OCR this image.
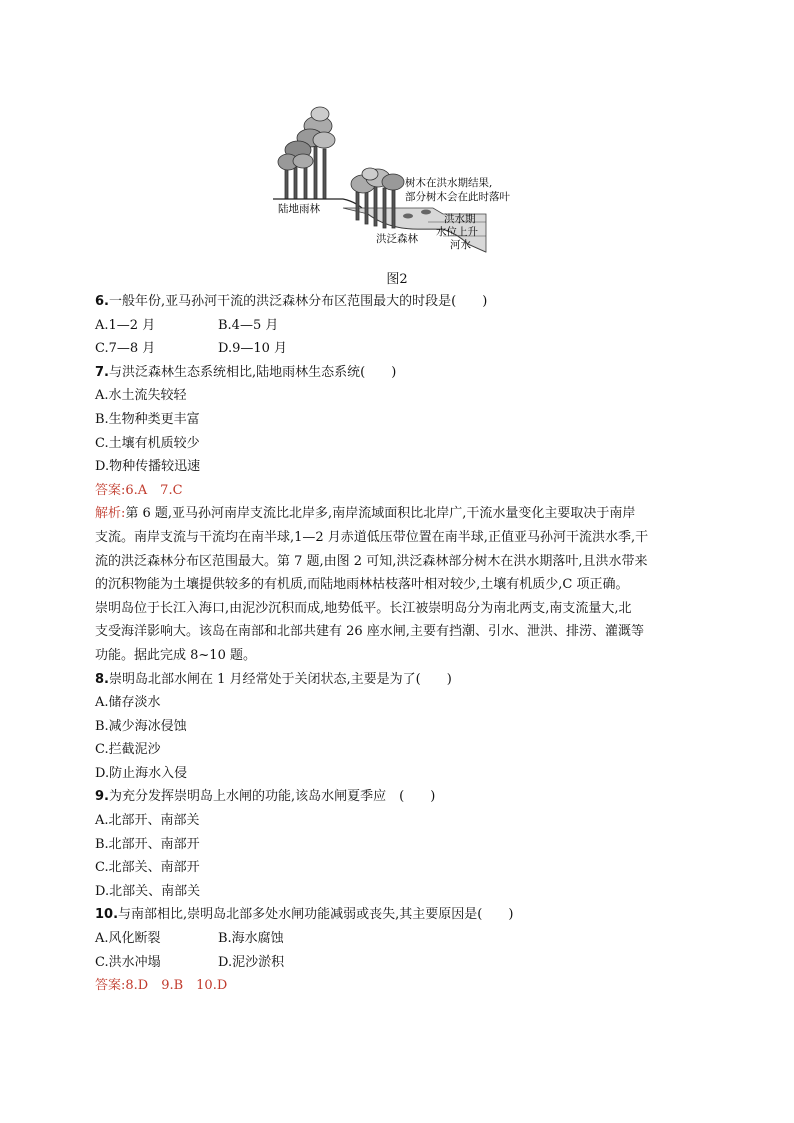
陆地雨林
洪泛森林
树木在洪水期结果,
部分树木会在此时落叶
洪水期
水位上升
河水
图2
6.一般年份,亚马孙河干流的洪泛森林分布区范围最大的时段是(　　)
A.1—2 月	B.4—5 月
C.7—8 月	D.9—10 月
7.与洪泛森林生态系统相比,陆地雨林生态系统(　　)
A.水土流失较轻
B.生物种类更丰富
C.土壤有机质较少
D.物种传播较迅速
答案:6.A　7.C
解析:第 6 题,亚马孙河南岸支流比北岸多,南岸流域面积比北岸广,干流水量变化主要取决于南岸
支流。南岸支流与干流均在南半球,1—2 月赤道低压带位置在南半球,正值亚马孙河干流洪水季,干
流的洪泛森林分布区范围最大。第 7 题,由图 2 可知,洪泛森林部分树木在洪水期落叶,且洪水带来
的沉积物能为土壤提供较多的有机质,而陆地雨林枯枝落叶相对较少,土壤有机质少,C 项正确。
崇明岛位于长江入海口,由泥沙沉积而成,地势低平。长江被崇明岛分为南北两支,南支流量大,北
支受海洋影响大。该岛在南部和北部共建有 26 座水闸,主要有挡潮、引水、泄洪、排涝、灌溉等
功能。据此完成 8~10 题。
8.崇明岛北部水闸在 1 月经常处于关闭状态,主要是为了(　　)
A.储存淡水
B.减少海冰侵蚀
C.拦截泥沙
D.防止海水入侵
9.为充分发挥崇明岛上水闸的功能,该岛水闸夏季应　(　　)
A.北部开、南部关
B.北部开、南部开
C.北部关、南部开
D.北部关、南部关
10.与南部相比,崇明岛北部多处水闸功能减弱或丧失,其主要原因是(　　)
A.风化断裂	B.海水腐蚀
C.洪水冲塌	D.泥沙淤积
答案:8.D　9.B　10.D
